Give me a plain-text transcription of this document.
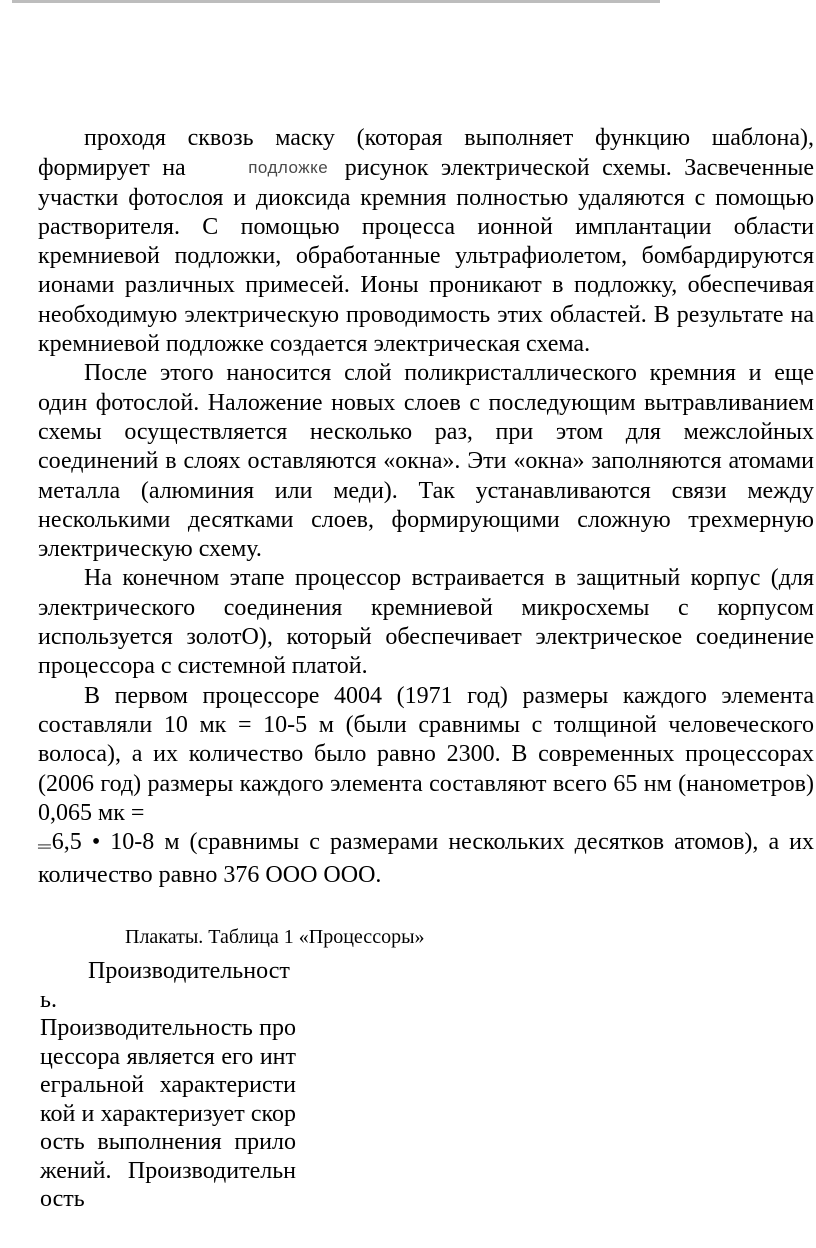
проходя сквозь маску (которая выполняет функцию шаблона), формирует на	подложке рисунок электрической схемы. Засвеченные участки фотослоя и диоксида кремния полностью удаляются с помощью растворителя. С помощью процесса ионной имплантации области кремниевой подложки, обработанные ультрафиолетом, бомбардируются ионами различных примесей. Ионы проникают в подложку, обеспечивая необходимую электрическую проводимость этих областей. В результате на кремниевой подложке создается электрическая схема.

После этого наносится слой поликристаллического кремния и еще один фотослой. Наложение новых слоев с последующим вытравливанием схемы осуществляется несколько раз, при этом для межслойных соединений в слоях оставляются «окна». Эти «окна» заполняются атомами металла (алюминия или меди). Так устанавливаются связи между несколькими десятками слоев, формирующими сложную трехмерную электрическую схему.

На конечном этапе процессор встраивается в защитный корпус (для электрического соединения кремниевой микросхемы с корпусом используется золотО), который обеспечивает электрическое соединение процессора с системной платой.

В первом процессоре 4004 (1971 год) размеры каждого элемента составляли 10 мк = 10-5 м (были сравнимы с толщиной человеческого волоса), а их количество было равно 2300. В современных процессорах (2006 год) размеры каждого элемента составляют всего 65 нм (нанометров) 0,065 мк =

═6,5 • 10-8 м (сравнимы с размерами нескольких десятков атомов), а их количество равно 376 ООО ООО.

Плакаты. Таблица 1 «Процессоры»
Производительность.
Производительность процессора является его интегральной характеристикой и характеризует скорость выполнения приложений. Производительность
